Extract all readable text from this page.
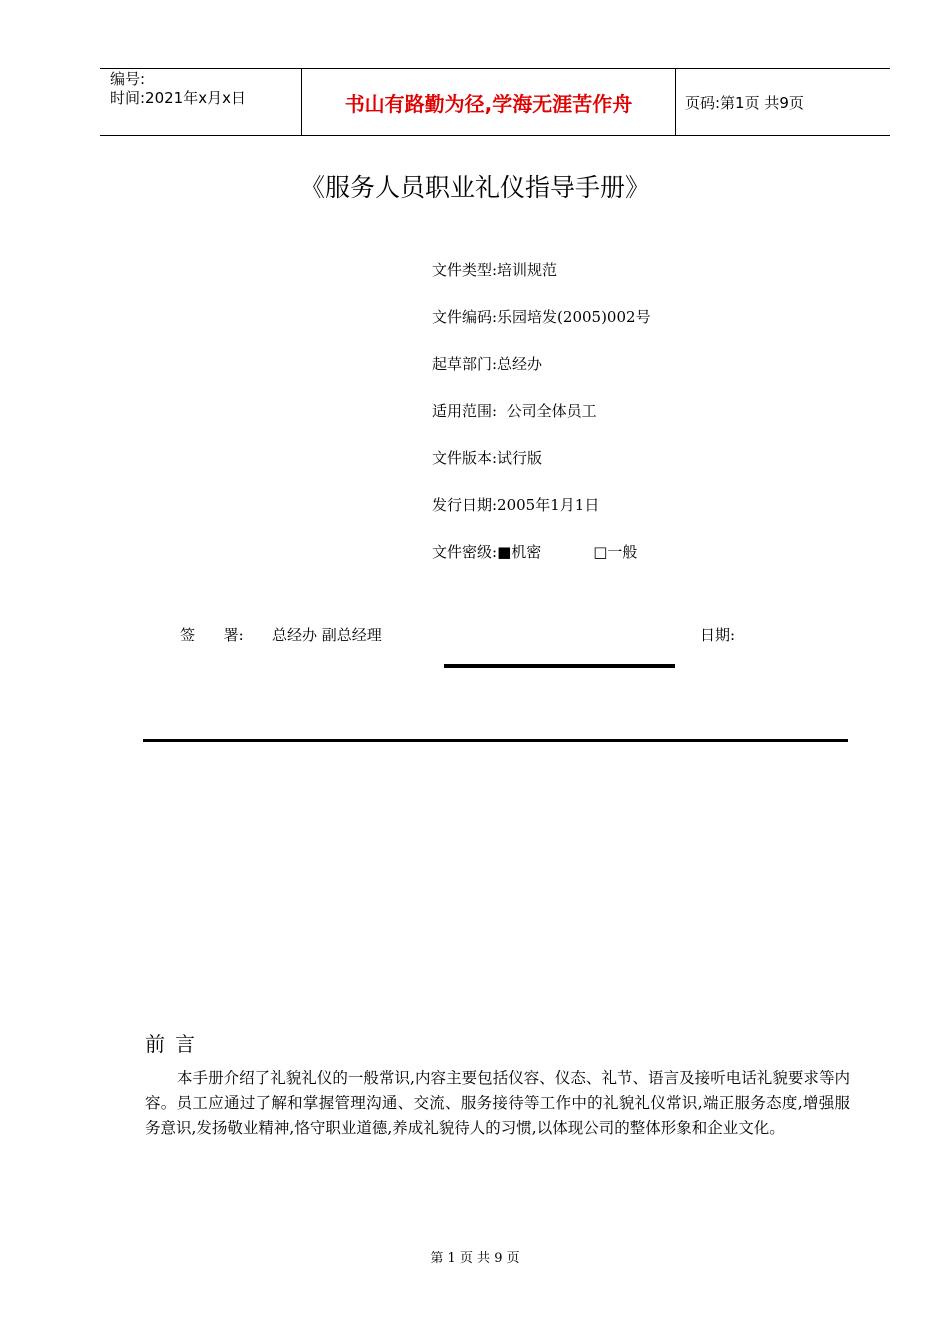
编号:
时间:2021年x月x日	书山有路勤为径,学海无涯苦作舟	页码:第1页 共9页
《服务人员职业礼仪指导手册》
文件类型:培训规范
文件编码:乐园培发(2005)002号
起草部门:总经办
适用范围:  公司全体员工
文件版本:试行版
发行日期:2005年1月1日
文件密级:■机密	□一般
签      署: 总经办 副总经理	日期:
前言
本手册介绍了礼貌礼仪的一般常识,内容主要包括仪容、仪态、礼节、语言及接听电话礼貌要求等内容。员工应通过了解和掌握管理沟通、交流、服务接待等工作中的礼貌礼仪常识,端正服务态度,增强服务意识,发扬敬业精神,恪守职业道德,养成礼貌待人的习惯,以体现公司的整体形象和企业文化。
第 1 页 共 9 页
